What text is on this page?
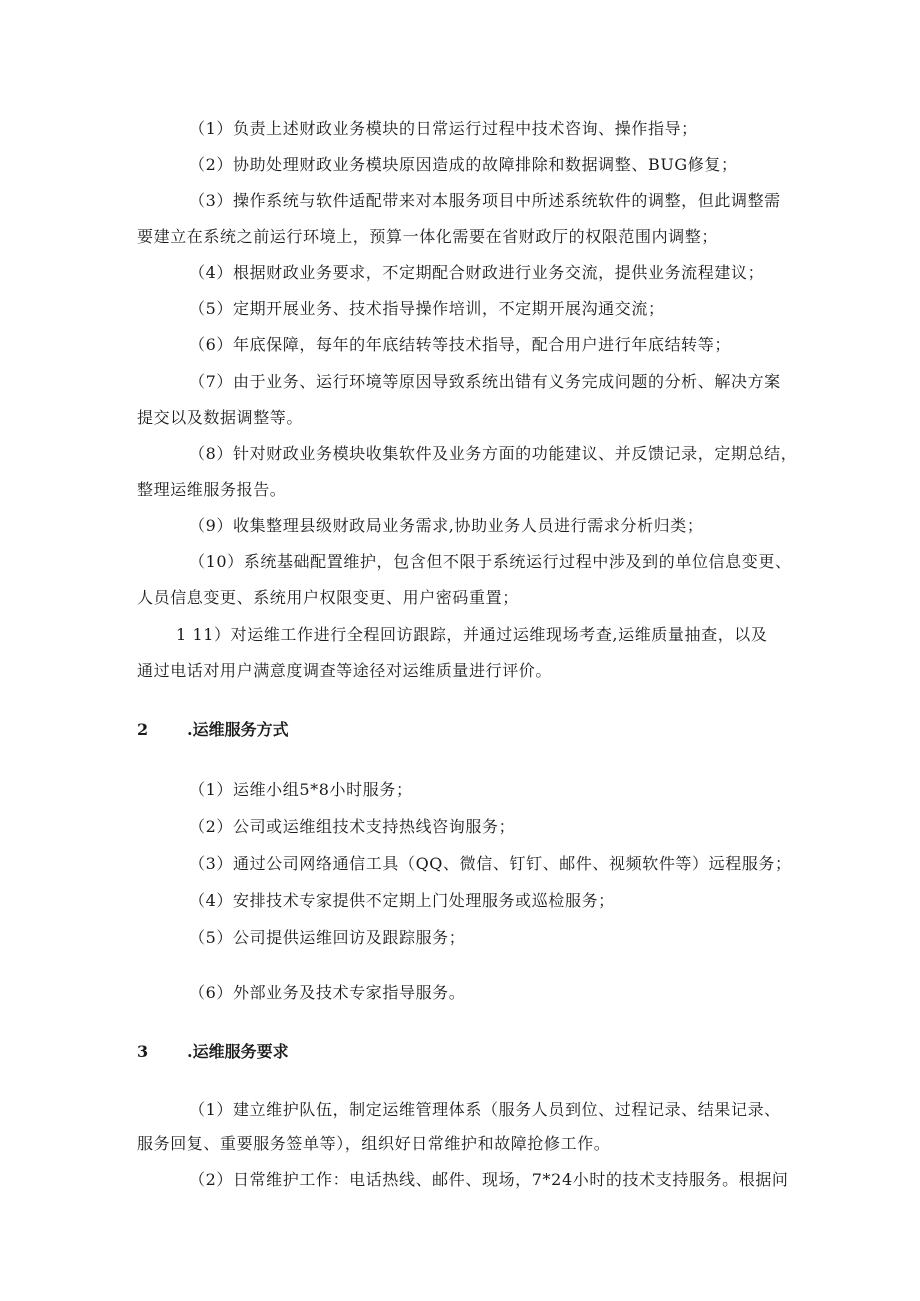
（1）负责上述财政业务模块的日常运行过程中技术咨询、操作指导；
（2）协助处理财政业务模块原因造成的故障排除和数据调整、BUG修复；
（3）操作系统与软件适配带来对本服务项目中所述系统软件的调整，但此调整需
要建立在系统之前运行环境上，预算一体化需要在省财政厅的权限范围内调整；
（4）根据财政业务要求，不定期配合财政进行业务交流，提供业务流程建议；
（5）定期开展业务、技术指导操作培训，不定期开展沟通交流；
（6）年底保障，每年的年底结转等技术指导，配合用户进行年底结转等；
（7）由于业务、运行环境等原因导致系统出错有义务完成问题的分析、解决方案
提交以及数据调整等。
（8）针对财政业务模块收集软件及业务方面的功能建议、并反馈记录，定期总结，
整理运维服务报告。
（9）收集整理县级财政局业务需求,协助业务人员进行需求分析归类；
（10）系统基础配置维护，包含但不限于系统运行过程中涉及到的单位信息变更、
人员信息变更、系统用户权限变更、用户密码重置；
1 11）对运维工作进行全程回访跟踪，并通过运维现场考查,运维质量抽查，以及
通过电话对用户满意度调查等途径对运维质量进行评价。
2 .运维服务方式
（1）运维小组5*8小时服务；
（2）公司或运维组技术支持热线咨询服务；
（3）通过公司网络通信工具（QQ、微信、钉钉、邮件、视频软件等）远程服务；
（4）安排技术专家提供不定期上门处理服务或巡检服务；
（5）公司提供运维回访及跟踪服务；
（6）外部业务及技术专家指导服务。
3 .运维服务要求
（1）建立维护队伍，制定运维管理体系（服务人员到位、过程记录、结果记录、
服务回复、重要服务签单等），组织好日常维护和故障抢修工作。
（2）日常维护工作：电话热线、邮件、现场，7*24小时的技术支持服务。根据问
